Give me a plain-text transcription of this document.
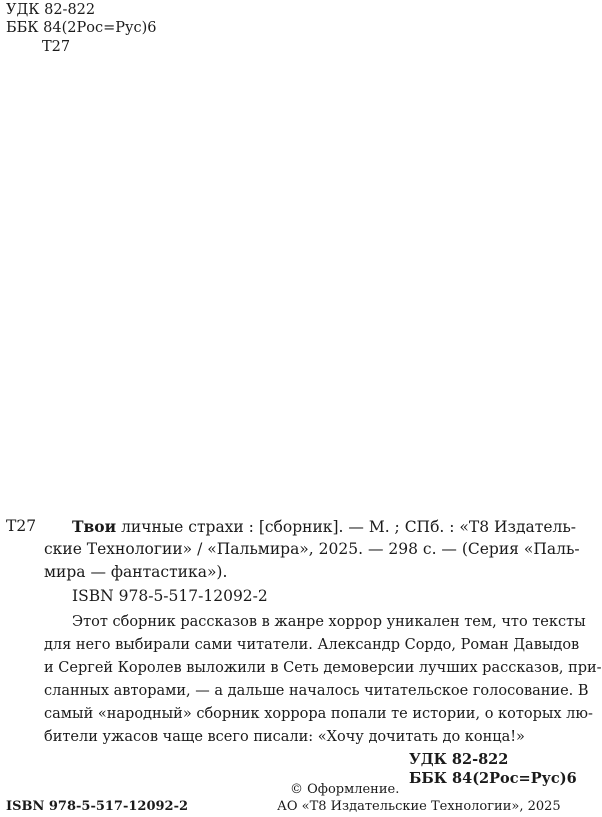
УДК 82-822
ББК 84(2Рос=Рус)6
Т27
Т27 Твои личные страхи : [сборник]. — М. ; СПб. : «Т8 Издатель-
ские Технологии» / «Пальмира», 2025. — 298 с. — (Серия «Паль-
мира — фантастика»).
ISBN 978-5-517-12092-2
Этот сборник рассказов в жанре хоррор уникален тем, что тексты
для него выбирали сами читатели. Александр Сордо, Роман Давыдов
и Сергей Королев выложили в Сеть демоверсии лучших рассказов, при-
сланных авторами, — а дальше началось читательское голосование. В
самый «народный» сборник хоррора попали те истории, о которых лю-
бители ужасов чаще всего писали: «Хочу дочитать до конца!»
УДК 82-822
ББК 84(2Рос=Рус)6
© Оформление.
ISBN 978-5-517-12092-2	АО «Т8 Издательские Технологии», 2025
